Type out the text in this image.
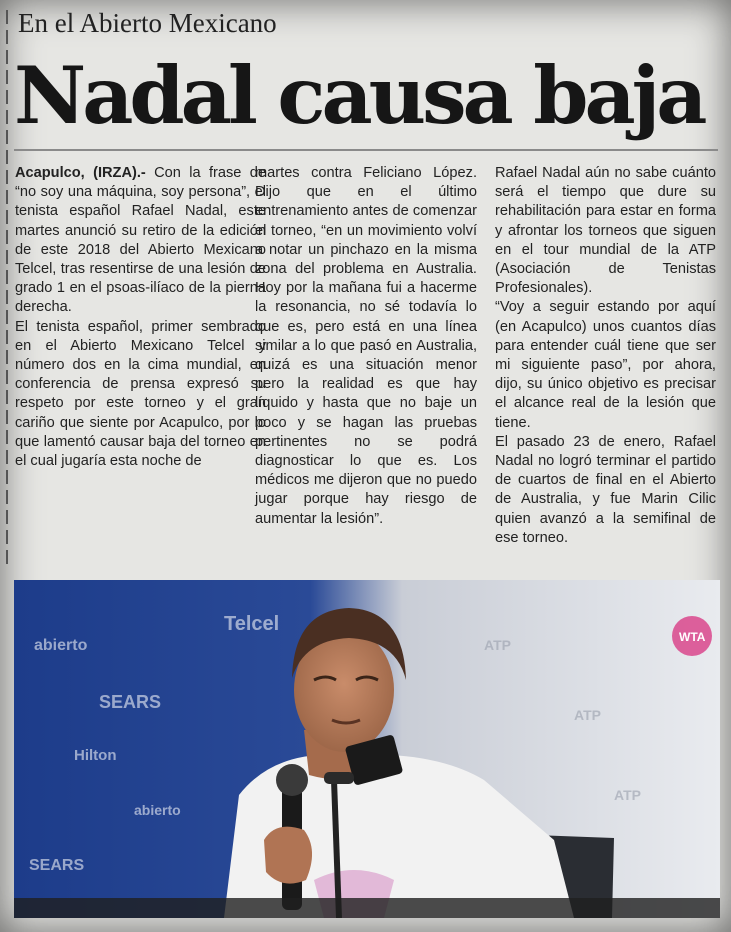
En el Abierto Mexicano
Nadal causa baja

Acapulco, (IRZA).- Con la frase de “no soy una máquina, soy persona”, el tenista español Rafael Nadal, este martes anunció su retiro de la edición de este 2018 del Abierto Mexicano Telcel, tras resentirse de una lesión de grado 1 en el psoas-ilíaco de la pierna derecha.

El tenista español, primer sembrado en el Abierto Mexicano Telcel y número dos en la cima mundial, en conferencia de prensa expresó su respeto por este torneo y el gran cariño que siente por Acapulco, por lo que lamentó causar baja del torneo en el cual jugaría esta noche de

martes contra Feliciano López. Dijo que en el último entrenamiento antes de comenzar el torneo, “en un movimiento volví a notar un pinchazo en la misma zona del problema en Australia. Hoy por la mañana fui a hacerme la resonancia, no sé todavía lo que es, pero está en una línea similar a lo que pasó en Australia, quizá es una situación menor pero la realidad es que hay líquido y hasta que no baje un poco y se hagan las pruebas pertinentes no se podrá diagnosticar lo que es. Los médicos me dijeron que no puedo jugar porque hay riesgo de aumentar la lesión”.

Rafael Nadal aún no sabe cuánto será el tiempo que dure su rehabilitación para estar en forma y afrontar los torneos que siguen en el tour mundial de la ATP (Asociación de Tenistas Profesionales).

“Voy a seguir estando por aquí (en Acapulco) unos cuantos días para entender cuál tiene que ser mi siguiente paso”, por ahora, dijo, su único objetivo es precisar el alcance real de la lesión que tiene.

El pasado 23 de enero, Rafael Nadal no logró terminar el partido de cuartos de final en el Abierto de Australia, y fue Marin Cilic quien avanzó a la semifinal de ese torneo.

abierto
SEARS
Telcel
Hilton
abierto
SEARS
ATP
ATP
ATP
WTA
